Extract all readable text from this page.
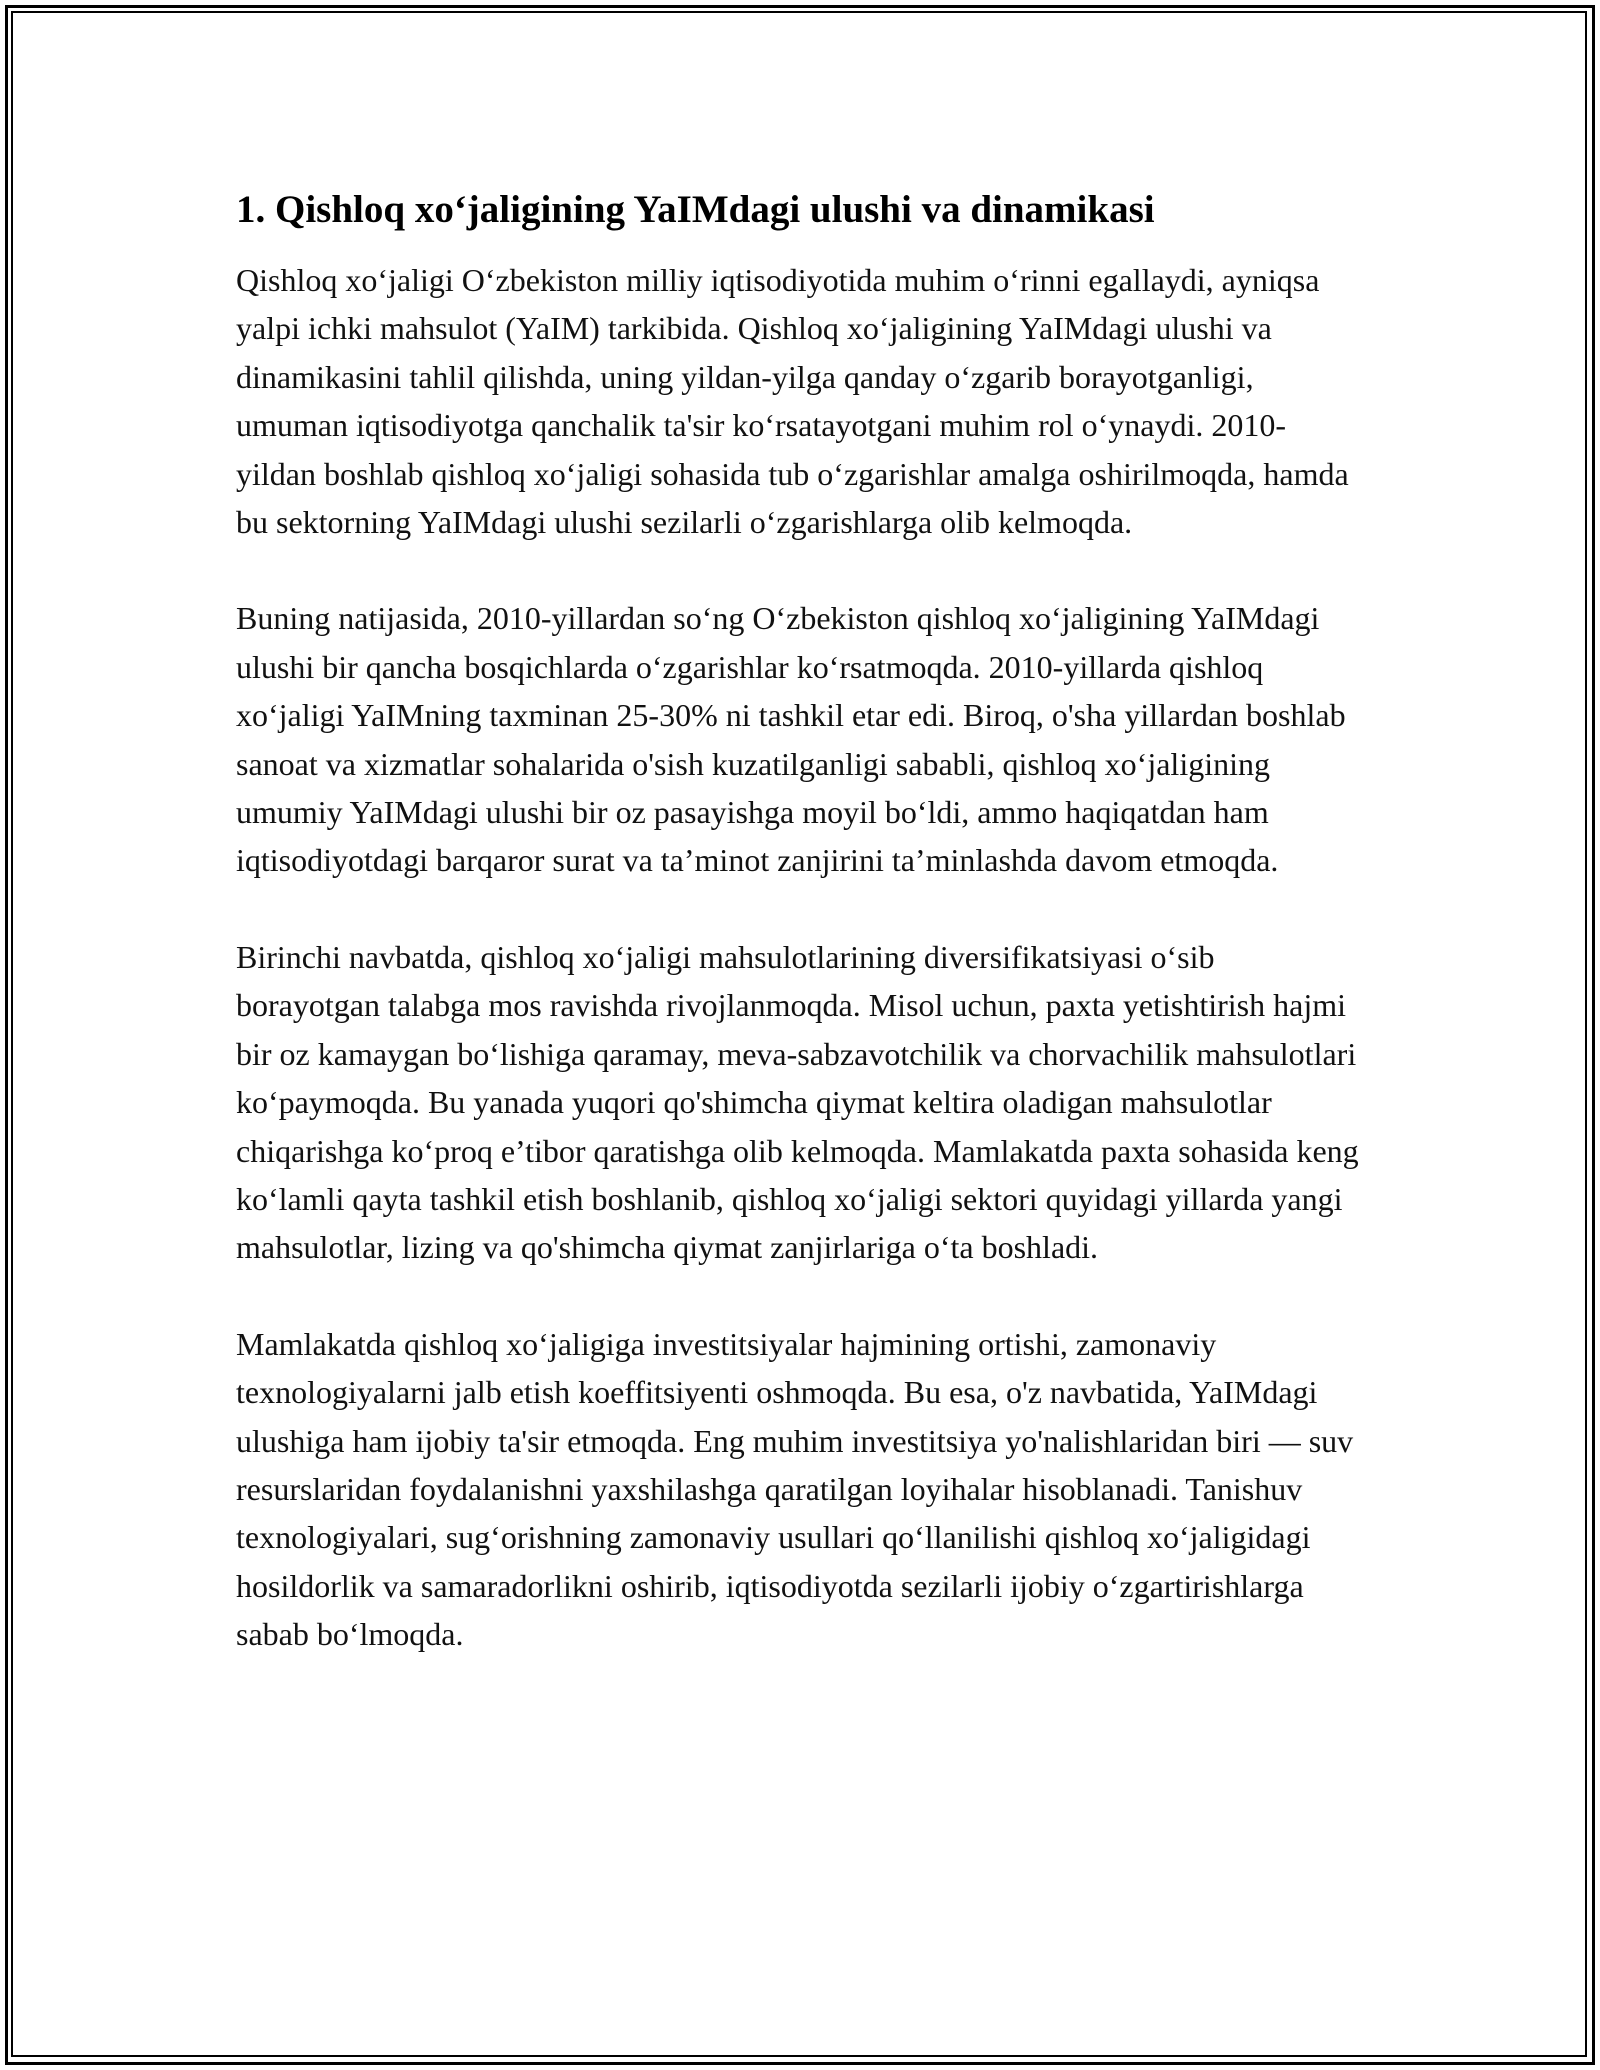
1. Qishloq xo‘jaligining YaIMdagi ulushi va dinamikasi

Qishloq xo‘jaligi O‘zbekiston milliy iqtisodiyotida muhim o‘rinni egallaydi, ayniqsa yalpi ichki mahsulot (YaIM) tarkibida. Qishloq xo‘jaligining YaIMdagi ulushi va dinamikasini tahlil qilishda, uning yildan-yilga qanday o‘zgarib borayotganligi, umuman iqtisodiyotga qanchalik ta'sir ko‘rsatayotgani muhim rol o‘ynaydi. 2010-yildan boshlab qishloq xo‘jaligi sohasida tub o‘zgarishlar amalga oshirilmoqda, hamda bu sektorning YaIMdagi ulushi sezilarli o‘zgarishlarga olib kelmoqda.

Buning natijasida, 2010-yillardan so‘ng O‘zbekiston qishloq xo‘jaligining YaIMdagi ulushi bir qancha bosqichlarda o‘zgarishlar ko‘rsatmoqda. 2010-yillarda qishloq xo‘jaligi YaIMning taxminan 25-30% ni tashkil etar edi. Biroq, o'sha yillardan boshlab sanoat va xizmatlar sohalarida o'sish kuzatilganligi sababli, qishloq xo‘jaligining umumiy YaIMdagi ulushi bir oz pasayishga moyil bo‘ldi, ammo haqiqatdan ham iqtisodiyotdagi barqaror surat va ta’minot zanjirini ta’minlashda davom etmoqda.

Birinchi navbatda, qishloq xo‘jaligi mahsulotlarining diversifikatsiyasi o‘sib borayotgan talabga mos ravishda rivojlanmoqda. Misol uchun, paxta yetishtirish hajmi bir oz kamaygan bo‘lishiga qaramay, meva-sabzavotchilik va chorvachilik mahsulotlari ko‘paymoqda. Bu yanada yuqori qo'shimcha qiymat keltira oladigan mahsulotlar chiqarishga ko‘proq e’tibor qaratishga olib kelmoqda. Mamlakatda paxta sohasida keng ko‘lamli qayta tashkil etish boshlanib, qishloq xo‘jaligi sektori quyidagi yillarda yangi mahsulotlar, lizing va qo'shimcha qiymat zanjirlariga o‘ta boshladi.

Mamlakatda qishloq xo‘jaligiga investitsiyalar hajmining ortishi, zamonaviy texnologiyalarni jalb etish koeffitsiyenti oshmoqda. Bu esa, o'z navbatida, YaIMdagi ulushiga ham ijobiy ta'sir etmoqda. Eng muhim investitsiya yo'nalishlaridan biri — suv resurslaridan foydalanishni yaxshilashga qaratilgan loyihalar hisoblanadi. Tanishuv texnologiyalari, sug‘orishning zamonaviy usullari qo‘llanilishi qishloq xo‘jaligidagi hosildorlik va samaradorlikni oshirib, iqtisodiyotda sezilarli ijobiy o‘zgartirishlarga sabab bo‘lmoqda.
